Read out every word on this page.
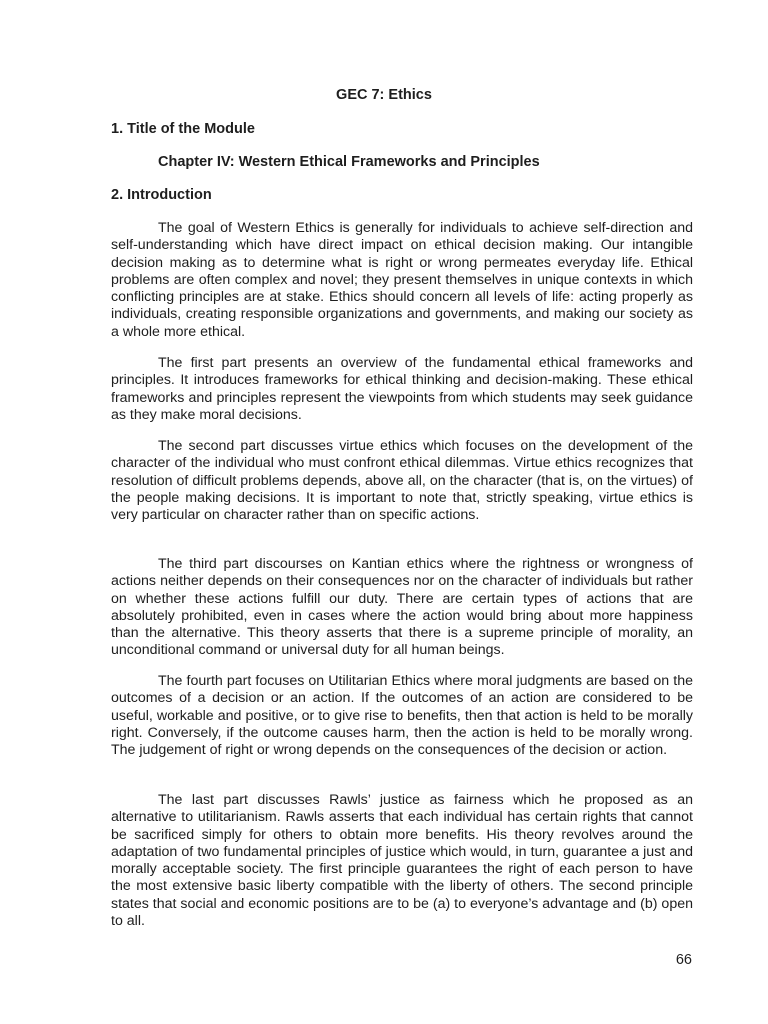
GEC 7: Ethics

1. Title of the Module

Chapter IV: Western Ethical Frameworks and Principles

2. Introduction

The goal of Western Ethics is generally for individuals to achieve self-direction and self-understanding which have direct impact on ethical decision making. Our intangible decision making as to determine what is right or wrong permeates everyday life. Ethical problems are often complex and novel; they present themselves in unique contexts in which conflicting principles are at stake. Ethics should concern all levels of life: acting properly as individuals, creating responsible organizations and governments, and making our society as a whole more ethical.

The first part presents an overview of the fundamental ethical frameworks and principles. It introduces frameworks for ethical thinking and decision-making. These ethical frameworks and principles represent the viewpoints from which students may seek guidance as they make moral decisions.

The second part discusses virtue ethics which focuses on the development of the character of the individual who must confront ethical dilemmas. Virtue ethics recognizes that resolution of difficult problems depends, above all, on the character (that is, on the virtues) of the people making decisions. It is important to note that, strictly speaking, virtue ethics is very particular on character rather than on specific actions.

The third part discourses on Kantian ethics where the rightness or wrongness of actions neither depends on their consequences nor on the character of individuals but rather on whether these actions fulfill our duty. There are certain types of actions that are absolutely prohibited, even in cases where the action would bring about more happiness than the alternative. This theory asserts that there is a supreme principle of morality, an unconditional command or universal duty for all human beings.

The fourth part focuses on Utilitarian Ethics where moral judgments are based on the outcomes of a decision or an action. If the outcomes of an action are considered to be useful, workable and positive, or to give rise to benefits, then that action is held to be morally right. Conversely, if the outcome causes harm, then the action is held to be morally wrong. The judgement of right or wrong depends on the consequences of the decision or action.

The last part discusses Rawls’ justice as fairness which he proposed as an alternative to utilitarianism. Rawls asserts that each individual has certain rights that cannot be sacrificed simply for others to obtain more benefits. His theory revolves around the adaptation of two fundamental principles of justice which would, in turn, guarantee a just and morally acceptable society. The first principle guarantees the right of each person to have the most extensive basic liberty compatible with the liberty of others. The second principle states that social and economic positions are to be (a) to everyone’s advantage and (b) open to all.

66
